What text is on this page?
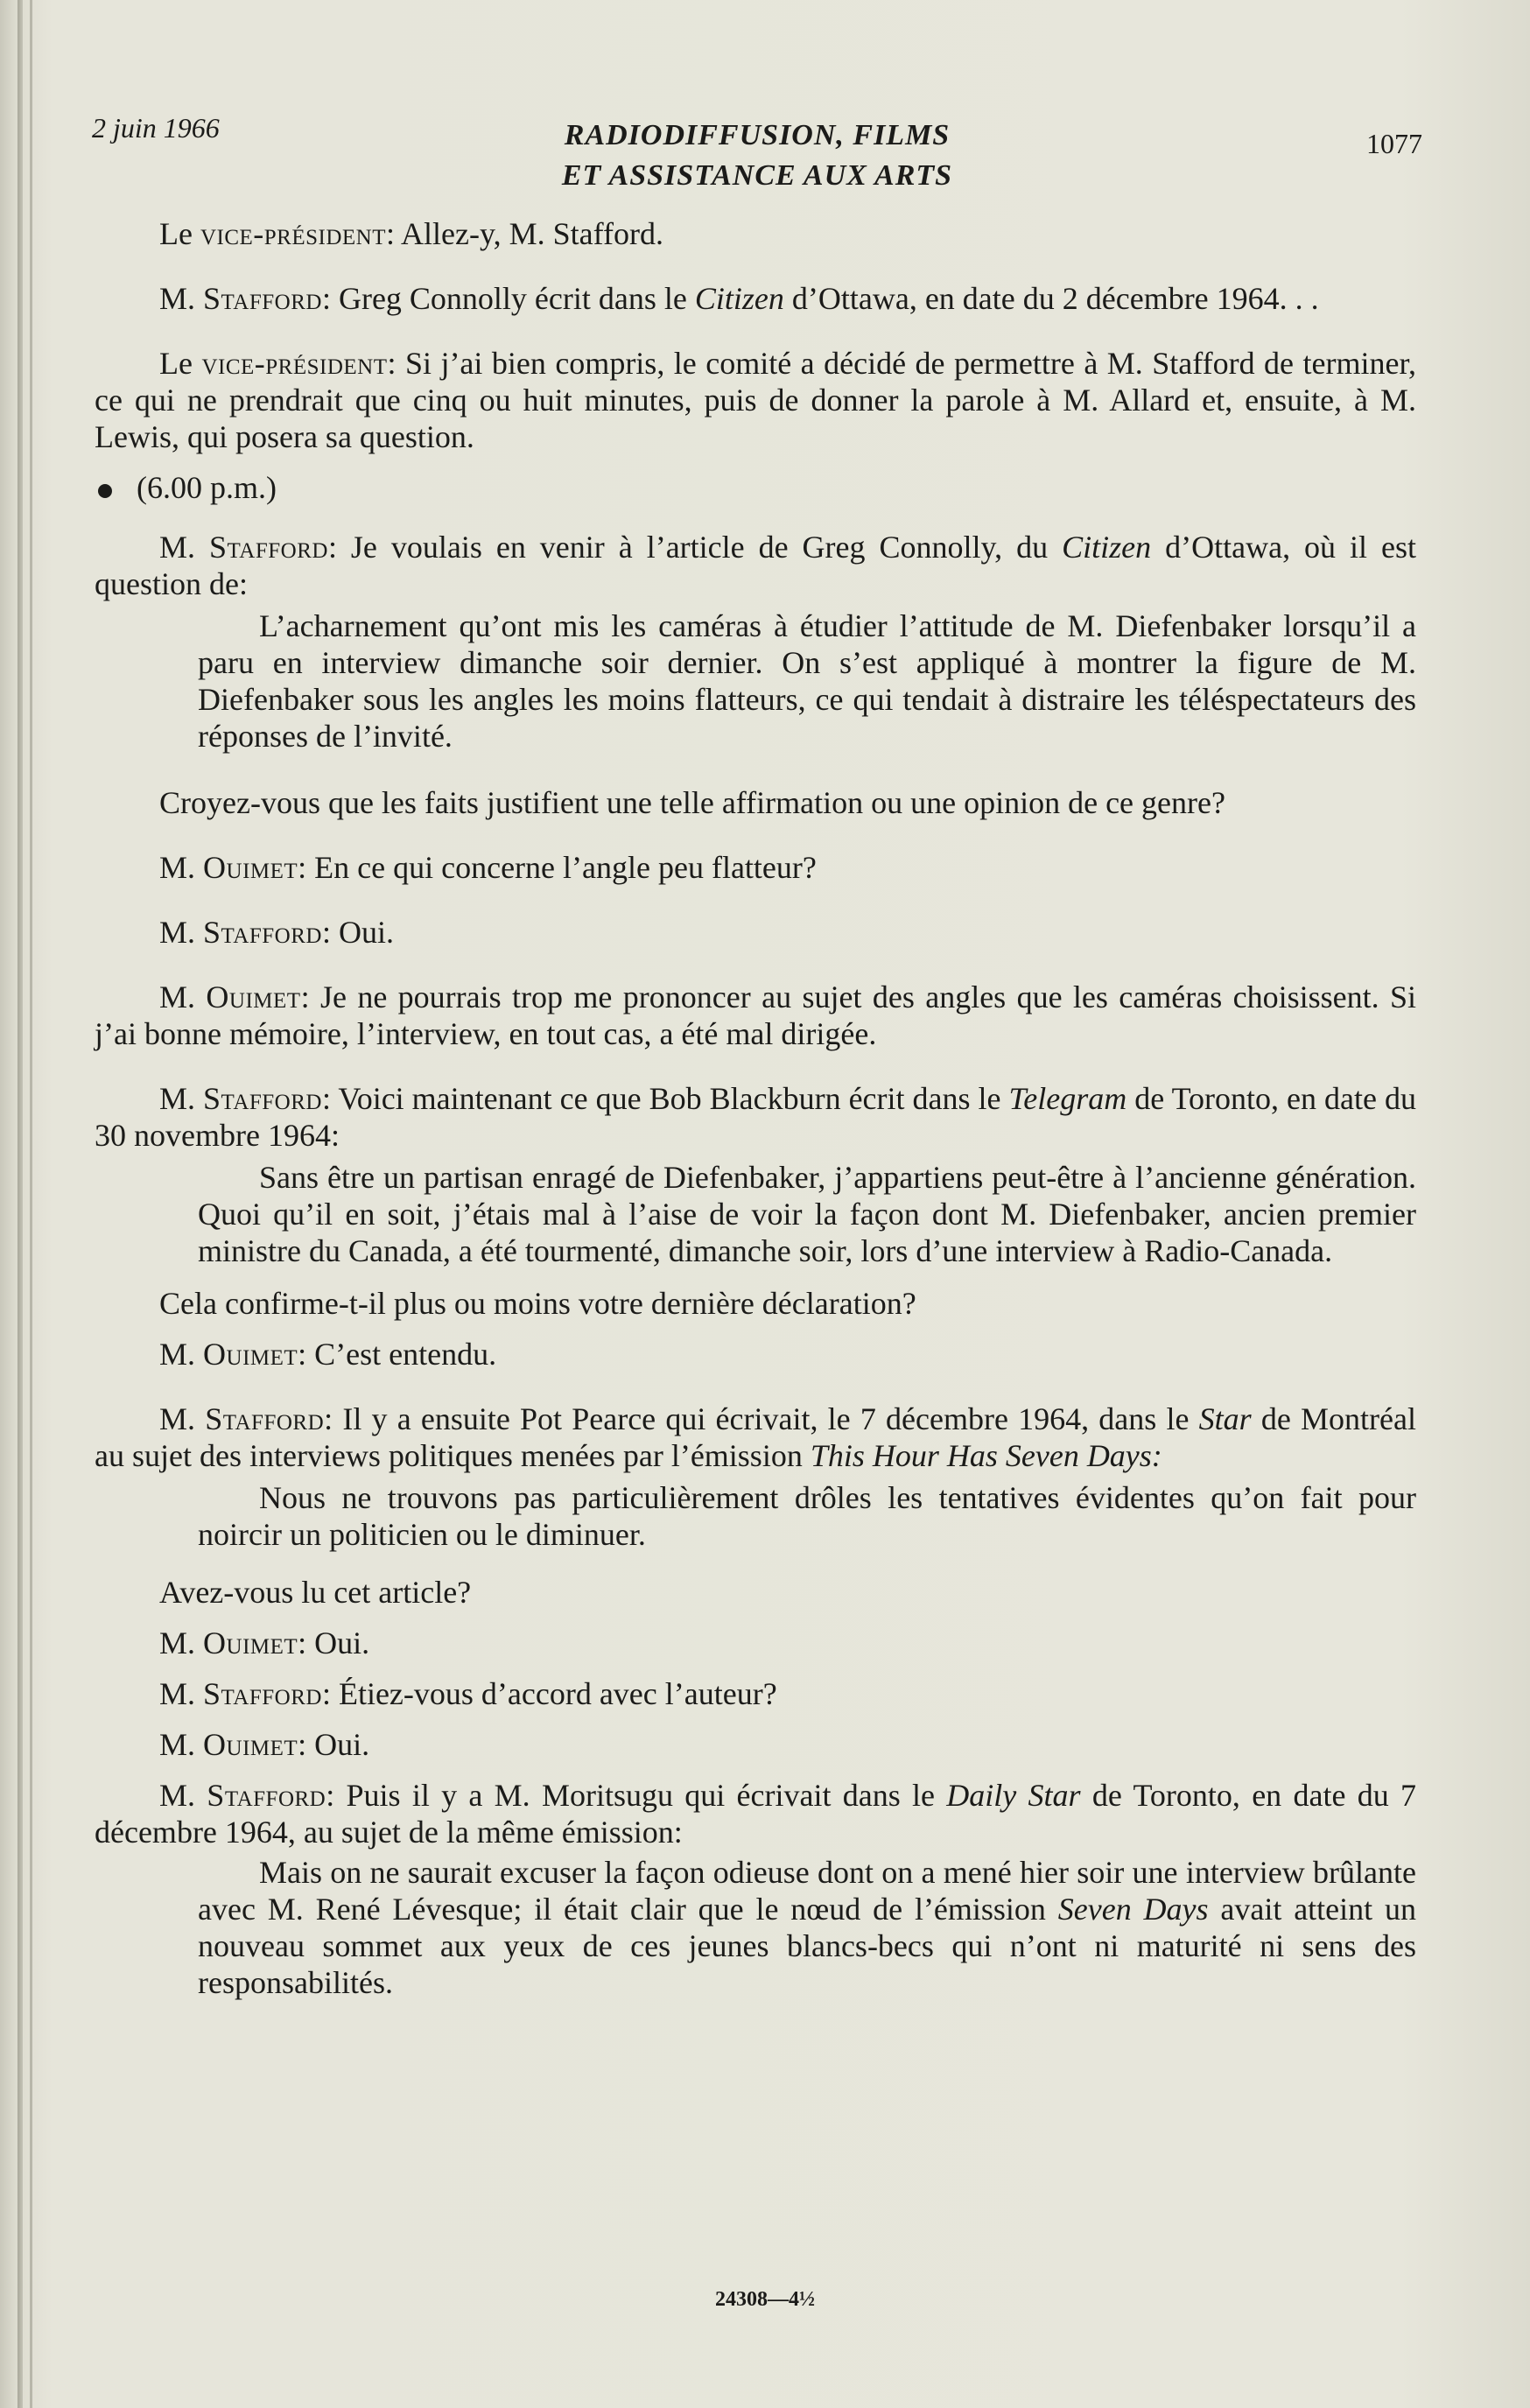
2 juin 1966	RADIODIFFUSION, FILMS
ET ASSISTANCE AUX ARTS
1077

Le vice-président: Allez-y, M. Stafford.

M. Stafford: Greg Connolly écrit dans le Citizen d’Ottawa, en date du 2 décembre 1964. . .

Le vice-président: Si j’ai bien compris, le comité a décidé de permettre à M. Stafford de terminer, ce qui ne prendrait que cinq ou huit minutes, puis de donner la parole à M. Allard et, ensuite, à M. Lewis, qui posera sa question.

(6.00 p.m.)

M. Stafford: Je voulais en venir à l’article de Greg Connolly, du Citizen d’Ottawa, où il est question de:

L’acharnement qu’ont mis les caméras à étudier l’attitude de M. Diefenbaker lorsqu’il a paru en interview dimanche soir dernier. On s’est appliqué à montrer la figure de M. Diefenbaker sous les angles les moins flatteurs, ce qui tendait à distraire les téléspectateurs des réponses de l’invité.

Croyez-vous que les faits justifient une telle affirmation ou une opinion de ce genre?

M. Ouimet: En ce qui concerne l’angle peu flatteur?

M. Stafford: Oui.

M. Ouimet: Je ne pourrais trop me prononcer au sujet des angles que les caméras choisissent. Si j’ai bonne mémoire, l’interview, en tout cas, a été mal dirigée.

M. Stafford: Voici maintenant ce que Bob Blackburn écrit dans le Telegram de Toronto, en date du 30 novembre 1964:

Sans être un partisan enragé de Diefenbaker, j’appartiens peut-être à l’ancienne génération. Quoi qu’il en soit, j’étais mal à l’aise de voir la façon dont M. Diefenbaker, ancien premier ministre du Canada, a été tourmenté, dimanche soir, lors d’une interview à Radio-Canada.

Cela confirme-t-il plus ou moins votre dernière déclaration?

M. Ouimet: C’est entendu.

M. Stafford: Il y a ensuite Pot Pearce qui écrivait, le 7 décembre 1964, dans le Star de Montréal au sujet des interviews politiques menées par l’émission This Hour Has Seven Days:

Nous ne trouvons pas particulièrement drôles les tentatives évidentes qu’on fait pour noircir un politicien ou le diminuer.

Avez-vous lu cet article?

M. Ouimet: Oui.

M. Stafford: Étiez-vous d’accord avec l’auteur?

M. Ouimet: Oui.

M. Stafford: Puis il y a M. Moritsugu qui écrivait dans le Daily Star de Toronto, en date du 7 décembre 1964, au sujet de la même émission:

Mais on ne saurait excuser la façon odieuse dont on a mené hier soir une interview brûlante avec M. René Lévesque; il était clair que le nœud de l’émission Seven Days avait atteint un nouveau sommet aux yeux de ces jeunes blancs-becs qui n’ont ni maturité ni sens des responsabilités.

24308—4½
